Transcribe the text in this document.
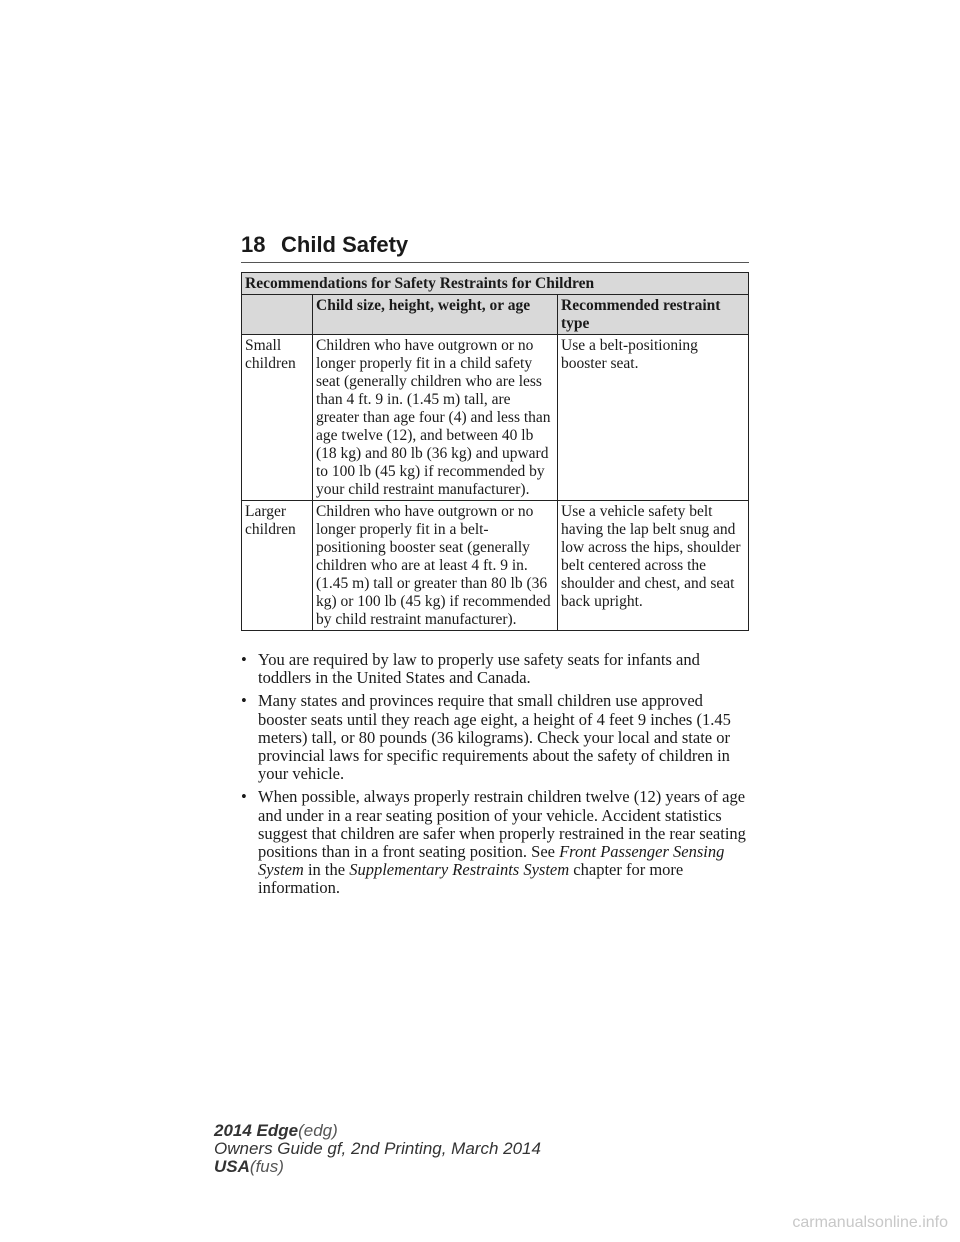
18 Child Safety
Recommendations for Safety Restraints for Children		
	Child size, height, weight, or age	Recommended restraint type
Small children	Children who have outgrown or no longer properly fit in a child safety seat (generally children who are less than 4 ft. 9 in. (1.45 m) tall, are greater than age four (4) and less than age twelve (12), and between 40 lb (18 kg) and 80 lb (36 kg) and upward to 100 lb (45 kg) if recommended by your child restraint manufacturer).	Use a belt-positioning booster seat.
Larger children	Children who have outgrown or no longer properly fit in a belt-positioning booster seat (generally children who are at least 4 ft. 9 in. (1.45 m) tall or greater than 80 lb (36 kg) or 100 lb (45 kg) if recommended by child restraint manufacturer).	Use a vehicle safety belt having the lap belt snug and low across the hips, shoulder belt centered across the shoulder and chest, and seat back upright.
• You are required by law to properly use safety seats for infants and toddlers in the United States and Canada.
• Many states and provinces require that small children use approved booster seats until they reach age eight, a height of 4 feet 9 inches (1.45 meters) tall, or 80 pounds (36 kilograms). Check your local and state or provincial laws for specific requirements about the safety of children in your vehicle.
• When possible, always properly restrain children twelve (12) years of age and under in a rear seating position of your vehicle. Accident statistics suggest that children are safer when properly restrained in the rear seating positions than in a front seating position. See Front Passenger Sensing System in the Supplementary Restraints System chapter for more information.
2014 Edge(edg)
Owners Guide gf, 2nd Printing, March 2014
USA(fus)
carmanualsonline.info
